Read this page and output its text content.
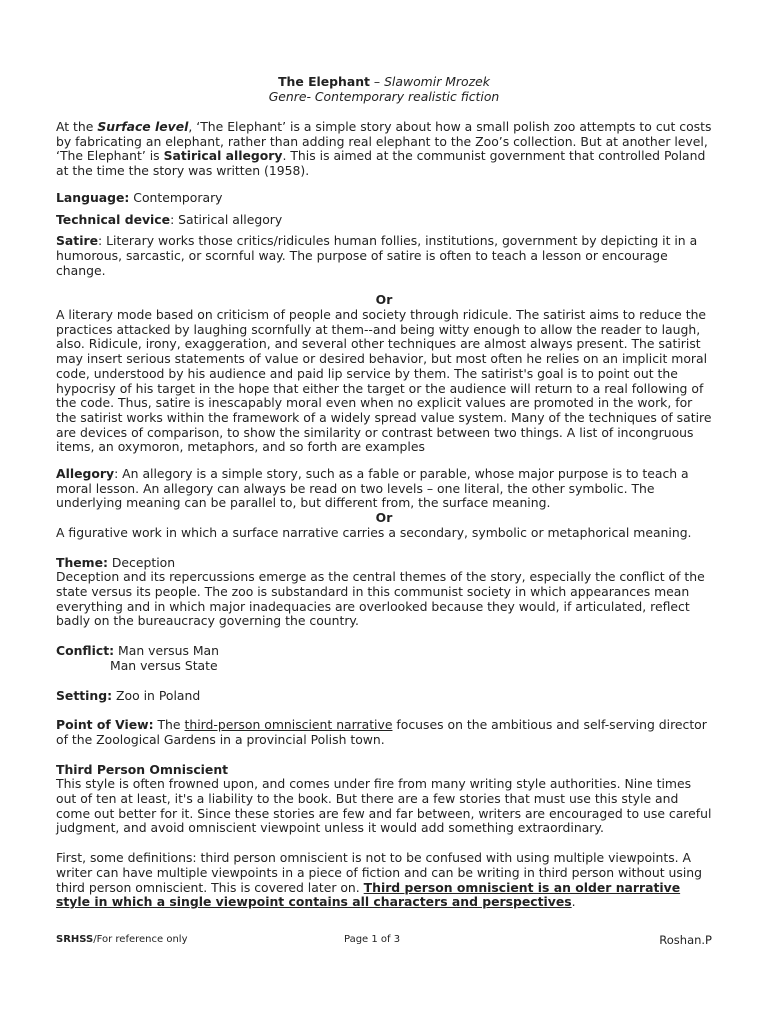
The Elephant – Slawomir Mrozek

Genre- Contemporary realistic fiction

At the Surface level, ‘The Elephant’ is a simple story about how a small polish zoo attempts to cut costs by fabricating an elephant, rather than adding real elephant to the Zoo’s collection. But at another level, ‘The Elephant’ is Satirical allegory. This is aimed at the communist government that controlled Poland at the time the story was written (1958).

Language: Contemporary

Technical device: Satirical allegory

Satire: Literary works those critics/ridicules human follies, institutions, government by depicting it in a humorous, sarcastic, or scornful way. The purpose of satire is often to teach a lesson or encourage change.

Or

A literary mode based on criticism of people and society through ridicule. The satirist aims to reduce the practices attacked by laughing scornfully at them--and being witty enough to allow the reader to laugh, also. Ridicule, irony, exaggeration, and several other techniques are almost always present. The satirist may insert serious statements of value or desired behavior, but most often he relies on an implicit moral code, understood by his audience and paid lip service by them. The satirist's goal is to point out the hypocrisy of his target in the hope that either the target or the audience will return to a real following of the code. Thus, satire is inescapably moral even when no explicit values are promoted in the work, for the satirist works within the framework of a widely spread value system. Many of the techniques of satire are devices of comparison, to show the similarity or contrast between two things. A list of incongruous items, an oxymoron, metaphors, and so forth are examples

Allegory: An allegory is a simple story, such as a fable or parable, whose major purpose is to teach a moral lesson. An allegory can always be read on two levels – one literal, the other symbolic. The underlying meaning can be parallel to, but different from, the surface meaning.

Or

A figurative work in which a surface narrative carries a secondary, symbolic or metaphorical meaning.

Theme: Deception

Deception and its repercussions emerge as the central themes of the story, especially the conflict of the state versus its people. The zoo is substandard in this communist society in which appearances mean everything and in which major inadequacies are overlooked because they would, if articulated, reflect badly on the bureaucracy governing the country.

Conflict: Man versus Man

Man versus State

Setting: Zoo in Poland

Point of View: The third-person omniscient narrative focuses on the ambitious and self-serving director of the Zoological Gardens in a provincial Polish town.

Third Person Omniscient

This style is often frowned upon, and comes under fire from many writing style authorities. Nine times out of ten at least, it's a liability to the book. But there are a few stories that must use this style and come out better for it. Since these stories are few and far between, writers are encouraged to use careful judgment, and avoid omniscient viewpoint unless it would add something extraordinary.

First, some definitions: third person omniscient is not to be confused with using multiple viewpoints. A writer can have multiple viewpoints in a piece of fiction and can be writing in third person without using third person omniscient. This is covered later on. Third person omniscient is an older narrative style in which a single viewpoint contains all characters and perspectives.

SRHSS/For reference only	Page 1 of 3	Roshan.P
